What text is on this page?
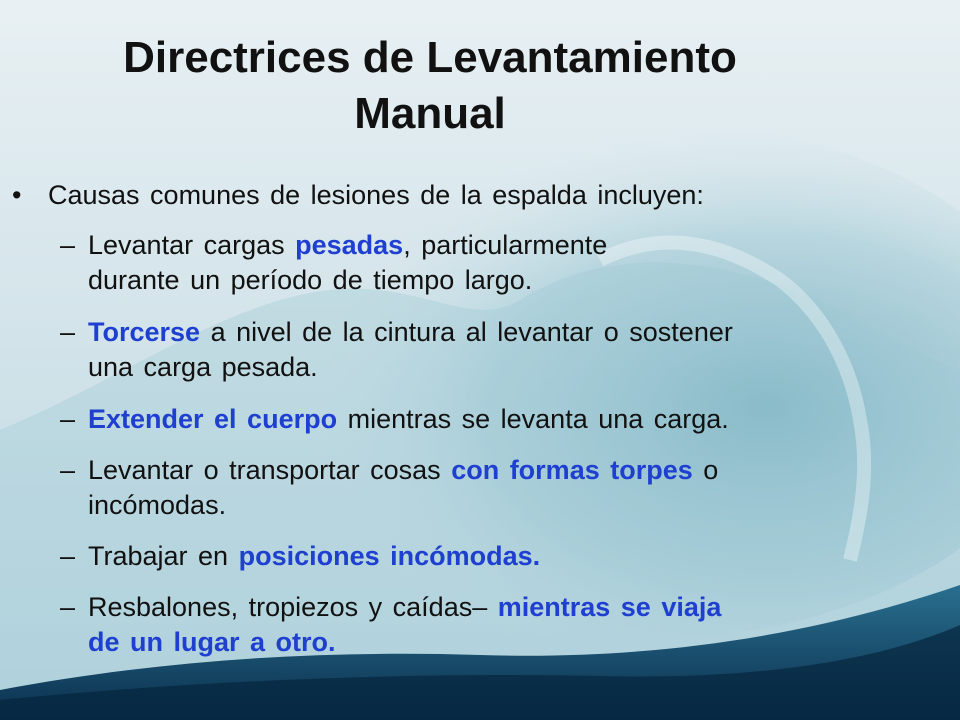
Directrices de Levantamiento
Manual
• Causas comunes de lesiones de la espalda incluyen:
– Levantar cargas pesadas, particularmente
durante un período de tiempo largo.
– Torcerse a nivel de la cintura al levantar o sostener
una carga pesada.
– Extender el cuerpo mientras se levanta una carga.
– Levantar o transportar cosas con formas torpes o
incómodas.
– Trabajar en posiciones incómodas.
– Resbalones, tropiezos y caídas– mientras se viaja
de un lugar a otro.
